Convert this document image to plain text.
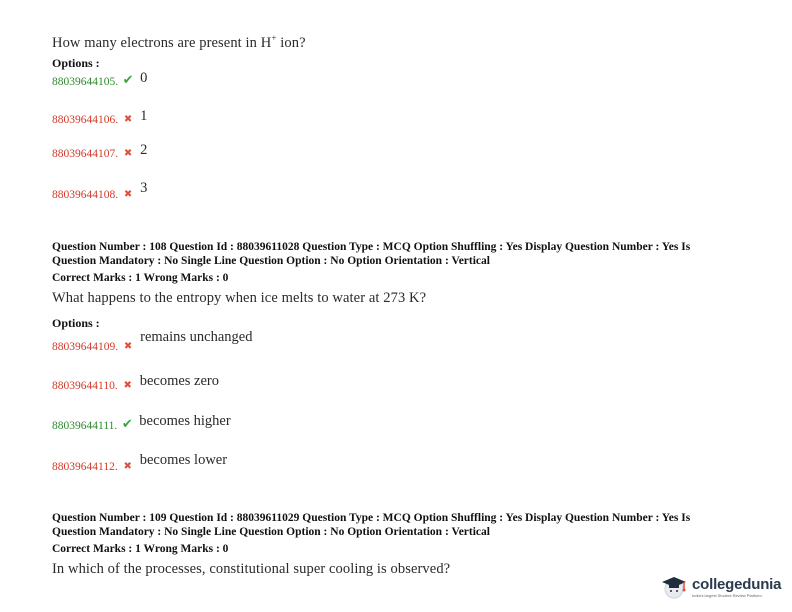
How many electrons are present in H+ ion?
Options :
88039644105. ✔ 0
88039644106. ✖ 1
88039644107. ✖ 2
88039644108. ✖ 3
Question Number : 108 Question Id : 88039611028 Question Type : MCQ Option Shuffling : Yes Display Question Number : Yes Is
Question Mandatory : No Single Line Question Option : No Option Orientation : Vertical
Correct Marks : 1 Wrong Marks : 0
What happens to the entropy when ice melts to water at 273 K?
Options :
88039644109. ✖
remains unchanged
88039644110. ✖ becomes zero
88039644111. ✔ becomes higher
88039644112. ✖ becomes lower
Question Number : 109 Question Id : 88039611029 Question Type : MCQ Option Shuffling : Yes Display Question Number : Yes Is
Question Mandatory : No Single Line Question Option : No Option Orientation : Vertical
Correct Marks : 1 Wrong Marks : 0
In which of the processes, constitutional super cooling is observed?
collegedunia
India's largest Student Review Platform
